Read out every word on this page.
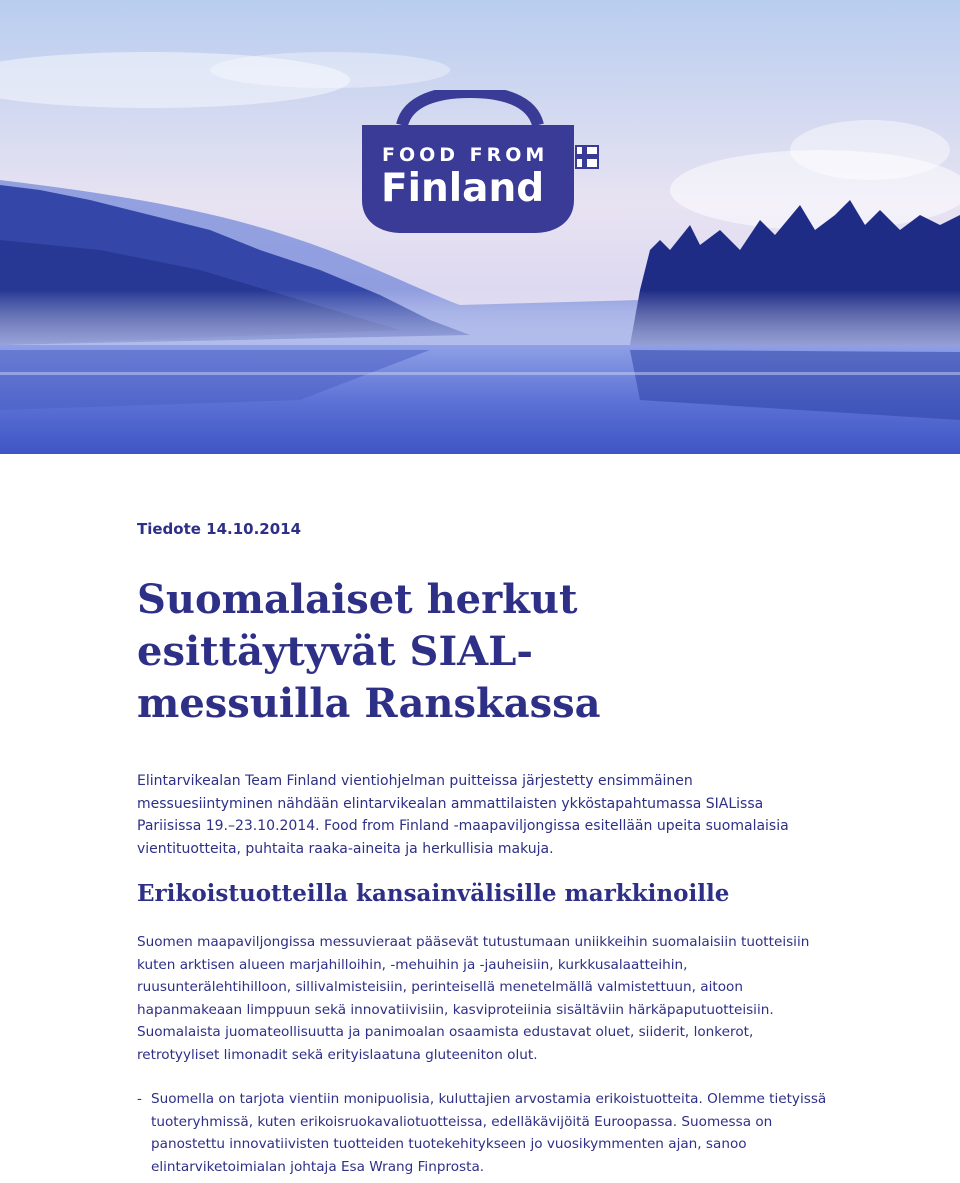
FOOD FROM
Finland

Tiedote 14.10.2014

Suomalaiset herkut esittäytyvät SIAL-messuilla Ranskassa

Elintarvikealan Team Finland vientiohjelman puitteissa järjestetty ensimmäinen messuesiintyminen nähdään elintarvikealan ammattilaisten ykköstapahtumassa SIALissa Pariisissa 19.–23.10.2014. Food from Finland -maapaviljongissa esitellään upeita suomalaisia vientituotteita, puhtaita raaka-aineita ja herkullisia makuja.

Erikoistuotteilla kansainvälisille markkinoille

Suomen maapaviljongissa messuvieraat pääsevät tutustumaan uniikkeihin suomalaisiin tuotteisiin kuten arktisen alueen marjahilloihin, -mehuihin ja -jauheisiin, kurkkusalaatteihin, ruusunterälehtihilloon, sillivalmisteisiin, perinteisellä menetelmällä valmistettuun, aitoon hapanmakeaan limppuun sekä innovatiivisiin, kasviproteiinia sisältäviin härkäpaputuotteisiin. Suomalaista juomateollisuutta ja panimoalan osaamista edustavat oluet, siiderit, lonkerot, retrotyyliset limonadit sekä erityislaatuna gluteeniton olut.

- Suomella on tarjota vientiin monipuolisia, kuluttajien arvostamia erikoistuotteita. Olemme tietyissä tuoteryhmissä, kuten erikoisruokavaliotuotteissa, edelläkävijöitä Euroopassa. Suomessa on panostettu innovatiivisten tuotteiden tuotekehitykseen jo vuosikymmenten ajan, sanoo elintarviketoimialan johtaja Esa Wrang Finprosta.
